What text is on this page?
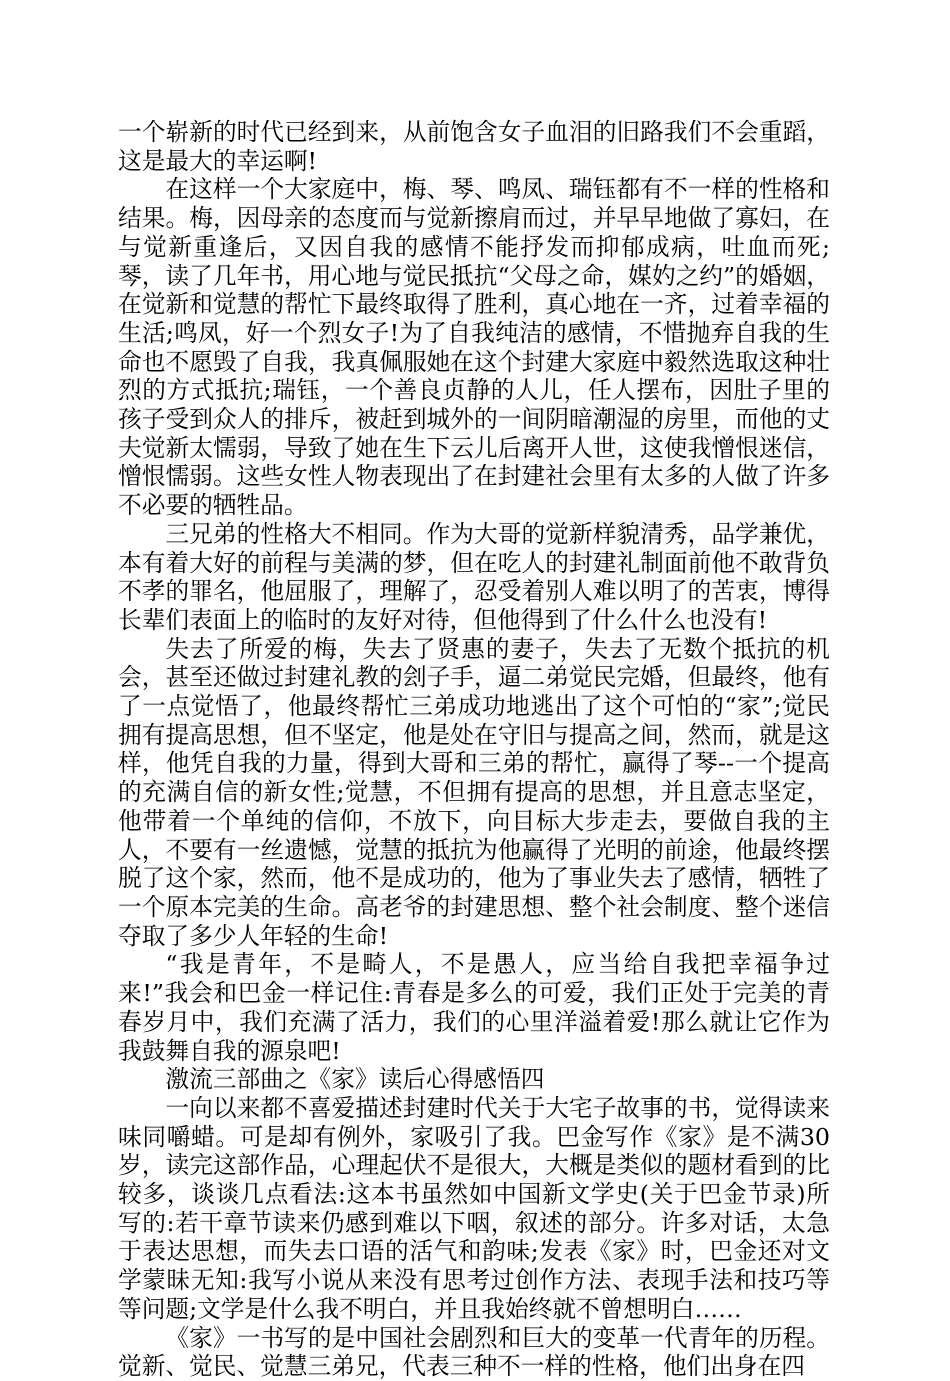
一个崭新的时代已经到来，从前饱含女子血泪的旧路我们不会重蹈，这是最大的幸运啊!

在这样一个大家庭中，梅、琴、鸣凤、瑞钰都有不一样的性格和结果。梅，因母亲的态度而与觉新擦肩而过，并早早地做了寡妇，在与觉新重逢后，又因自我的感情不能抒发而抑郁成病，吐血而死;琴，读了几年书，用心地与觉民抵抗“父母之命，媒妁之约”的婚姻，在觉新和觉慧的帮忙下最终取得了胜利，真心地在一齐，过着幸福的生活;鸣凤，好一个烈女子!为了自我纯洁的感情，不惜抛弃自我的生命也不愿毁了自我，我真佩服她在这个封建大家庭中毅然选取这种壮烈的方式抵抗;瑞钰，一个善良贞静的人儿，任人摆布，因肚子里的孩子受到众人的排斥，被赶到城外的一间阴暗潮湿的房里，而他的丈夫觉新太懦弱，导致了她在生下云儿后离开人世，这使我憎恨迷信，憎恨懦弱。这些女性人物表现出了在封建社会里有太多的人做了许多不必要的牺牲品。

三兄弟的性格大不相同。作为大哥的觉新样貌清秀，品学兼优，本有着大好的前程与美满的梦，但在吃人的封建礼制面前他不敢背负不孝的罪名，他屈服了，理解了，忍受着别人难以明了的苦衷，博得长辈们表面上的临时的友好对待，但他得到了什么什么也没有!

失去了所爱的梅，失去了贤惠的妻子，失去了无数个抵抗的机会，甚至还做过封建礼教的刽子手，逼二弟觉民完婚，但最终，他有了一点觉悟了，他最终帮忙三弟成功地逃出了这个可怕的“家”;觉民拥有提高思想，但不坚定，他是处在守旧与提高之间，然而，就是这样，他凭自我的力量，得到大哥和三弟的帮忙，赢得了琴--一个提高的充满自信的新女性;觉慧，不但拥有提高的思想，并且意志坚定，他带着一个单纯的信仰，不放下，向目标大步走去，要做自我的主人，不要有一丝遗憾，觉慧的抵抗为他赢得了光明的前途，他最终摆脱了这个家，然而，他不是成功的，他为了事业失去了感情，牺牲了一个原本完美的生命。高老爷的封建思想、整个社会制度、整个迷信夺取了多少人年轻的生命!

“我是青年，不是畸人，不是愚人，应当给自我把幸福争过来!”我会和巴金一样记住:青春是多么的可爱，我们正处于完美的青春岁月中，我们充满了活力，我们的心里洋溢着爱!那么就让它作为我鼓舞自我的源泉吧!

激流三部曲之《家》读后心得感悟四

一向以来都不喜爱描述封建时代关于大宅子故事的书，觉得读来味同嚼蜡。可是却有例外，家吸引了我。巴金写作《家》是不满30岁，读完这部作品，心理起伏不是很大，大概是类似的题材看到的比较多，谈谈几点看法:这本书虽然如中国新文学史(关于巴金节录)所写的:若干章节读来仍感到难以下咽，叙述的部分。许多对话，太急于表达思想，而失去口语的活气和韵味;发表《家》时，巴金还对文学蒙昧无知:我写小说从来没有思考过创作方法、表现手法和技巧等等问题;文学是什么我不明白，并且我始终就不曾想明白……

《家》一书写的是中国社会剧烈和巨大的变革一代青年的历程。觉新、觉民、觉慧三弟兄，代表三种不一样的性格，他们出身在四
